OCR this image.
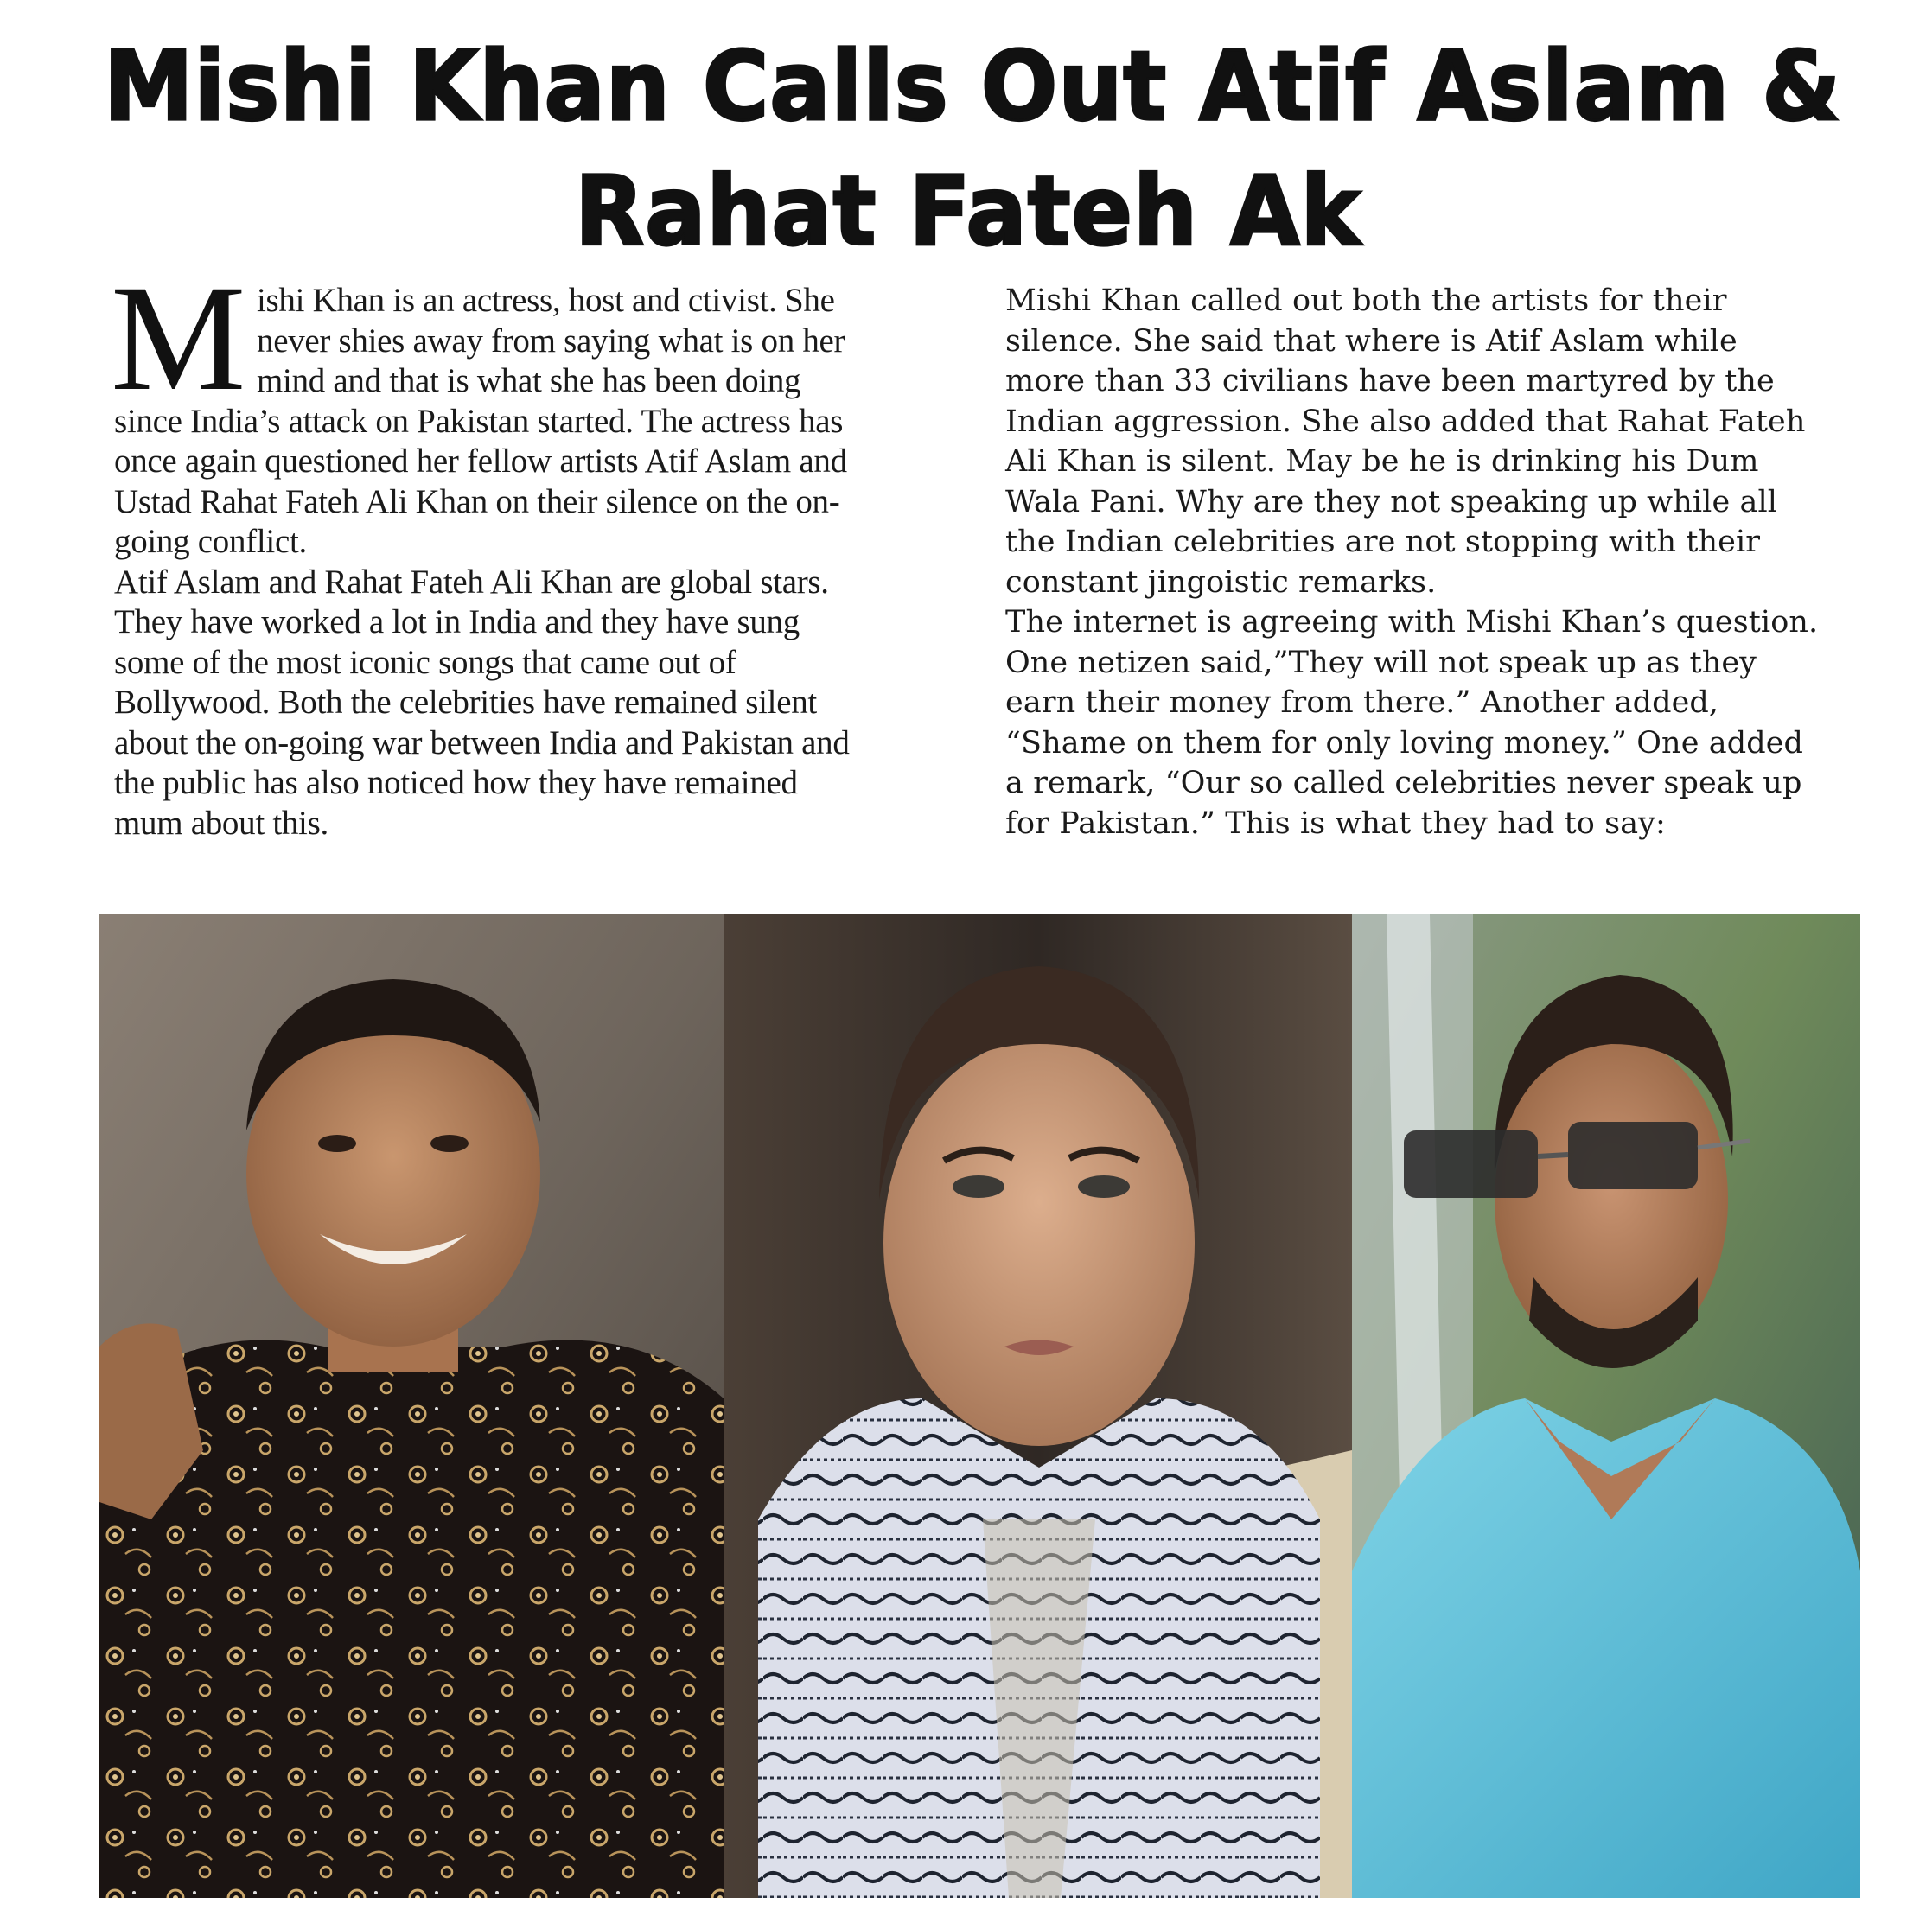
Mishi Khan Calls Out Atif Aslam &
Rahat Fateh Ak

M ishi Khan is an actress, host and ctivist. She
never shies away from saying what is on her
mind and that is what she has been doing
since India’s attack on Pakistan started. The actress has
once again questioned her fellow artists Atif Aslam and
Ustad Rahat Fateh Ali Khan on their silence on the on-
going conflict.

Atif Aslam and Rahat Fateh Ali Khan are global stars.
They have worked a lot in India and they have sung
some of the most iconic songs that came out of
Bollywood. Both the celebrities have remained silent
about the on-going war between India and Pakistan and
the public has also noticed how they have remained
mum about this.

Mishi Khan called out both the artists for their
silence. She said that where is Atif Aslam while
more than 33 civilians have been martyred by the
Indian aggression. She also added that Rahat Fateh
Ali Khan is silent. May be he is drinking his Dum
Wala Pani. Why are they not speaking up while all
the Indian celebrities are not stopping with their
constant jingoistic remarks.

The internet is agreeing with Mishi Khan’s question.
One netizen said,”They will not speak up as they
earn their money from there.” Another added,
“Shame on them for only loving money.” One added
a remark, “Our so called celebrities never speak up
for Pakistan.” This is what they had to say:
